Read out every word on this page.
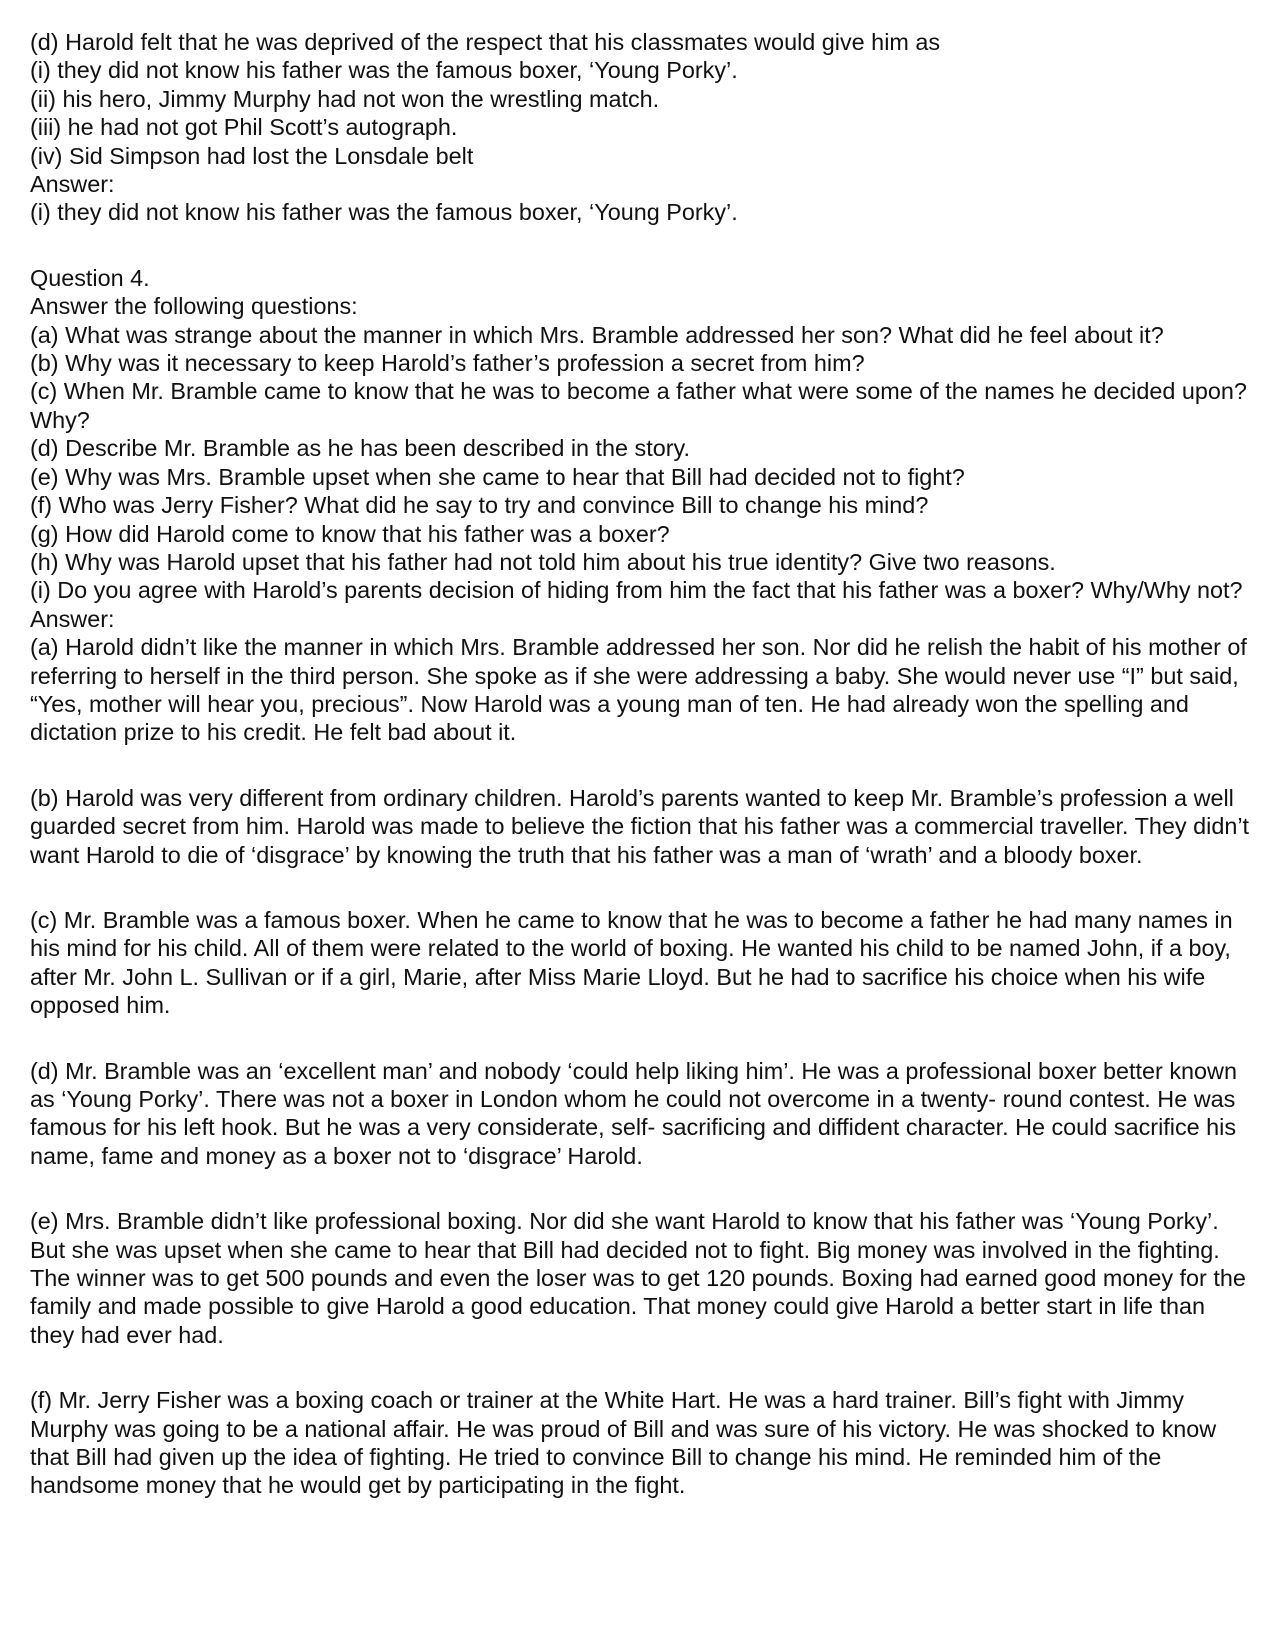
(d) Harold felt that he was deprived of the respect that his classmates would give him as
(i) they did not know his father was the famous boxer, ‘Young Porky’.
(ii) his hero, Jimmy Murphy had not won the wrestling match.
(iii) he had not got Phil Scott’s autograph.
(iv) Sid Simpson had lost the Lonsdale belt
Answer:
(i) they did not know his father was the famous boxer, ‘Young Porky’.
Question 4.
Answer the following questions:
(a) What was strange about the manner in which Mrs. Bramble addressed her son? What did he feel about it?
(b) Why was it necessary to keep Harold’s father’s profession a secret from him?
(c) When Mr. Bramble came to know that he was to become a father what were some of the names he decided upon? Why?
(d) Describe Mr. Bramble as he has been described in the story.
(e) Why was Mrs. Bramble upset when she came to hear that Bill had decided not to fight?
(f) Who was Jerry Fisher? What did he say to try and convince Bill to change his mind?
(g) How did Harold come to know that his father was a boxer?
(h) Why was Harold upset that his father had not told him about his true identity? Give two reasons.
(i) Do you agree with Harold’s parents decision of hiding from him the fact that his father was a boxer? Why/Why not?
Answer:

(a) Harold didn’t like the manner in which Mrs. Bramble addressed her son. Nor did he relish the habit of his mother of referring to herself in the third person. She spoke as if she were addressing a baby. She would never use “I” but said, “Yes, mother will hear you, precious”. Now Harold was a young man of ten. He had already won the spelling and dictation prize to his credit. He felt bad about it.

(b) Harold was very different from ordinary children. Harold’s parents wanted to keep Mr. Bramble’s profession a well guarded secret from him. Harold was made to believe the fiction that his father was a commercial traveller. They didn’t want Harold to die of ‘disgrace’ by knowing the truth that his father was a man of ‘wrath’ and a bloody boxer.

(c) Mr. Bramble was a famous boxer. When he came to know that he was to become a father he had many names in his mind for his child. All of them were related to the world of boxing. He wanted his child to be named John, if a boy, after Mr. John L. Sullivan or if a girl, Marie, after Miss Marie Lloyd. But he had to sacrifice his choice when his wife opposed him.

(d) Mr. Bramble was an ‘excellent man’ and nobody ‘could help liking him’. He was a professional boxer better known as ‘Young Porky’. There was not a boxer in London whom he could not overcome in a twenty- round contest. He was famous for his left hook. But he was a very considerate, self- sacrificing and diffident character. He could sacrifice his name, fame and money as a boxer not to ‘disgrace’ Harold.

(e) Mrs. Bramble didn’t like professional boxing. Nor did she want Harold to know that his father was ‘Young Porky’. But she was upset when she came to hear that Bill had decided not to fight. Big money was involved in the fighting. The winner was to get 500 pounds and even the loser was to get 120 pounds. Boxing had earned good money for the family and made possible to give Harold a good education. That money could give Harold a better start in life than they had ever had.

(f) Mr. Jerry Fisher was a boxing coach or trainer at the White Hart. He was a hard trainer. Bill’s fight with Jimmy Murphy was going to be a national affair. He was proud of Bill and was sure of his victory. He was shocked to know that Bill had given up the idea of fighting. He tried to convince Bill to change his mind. He reminded him of the handsome money that he would get by participating in the fight.
